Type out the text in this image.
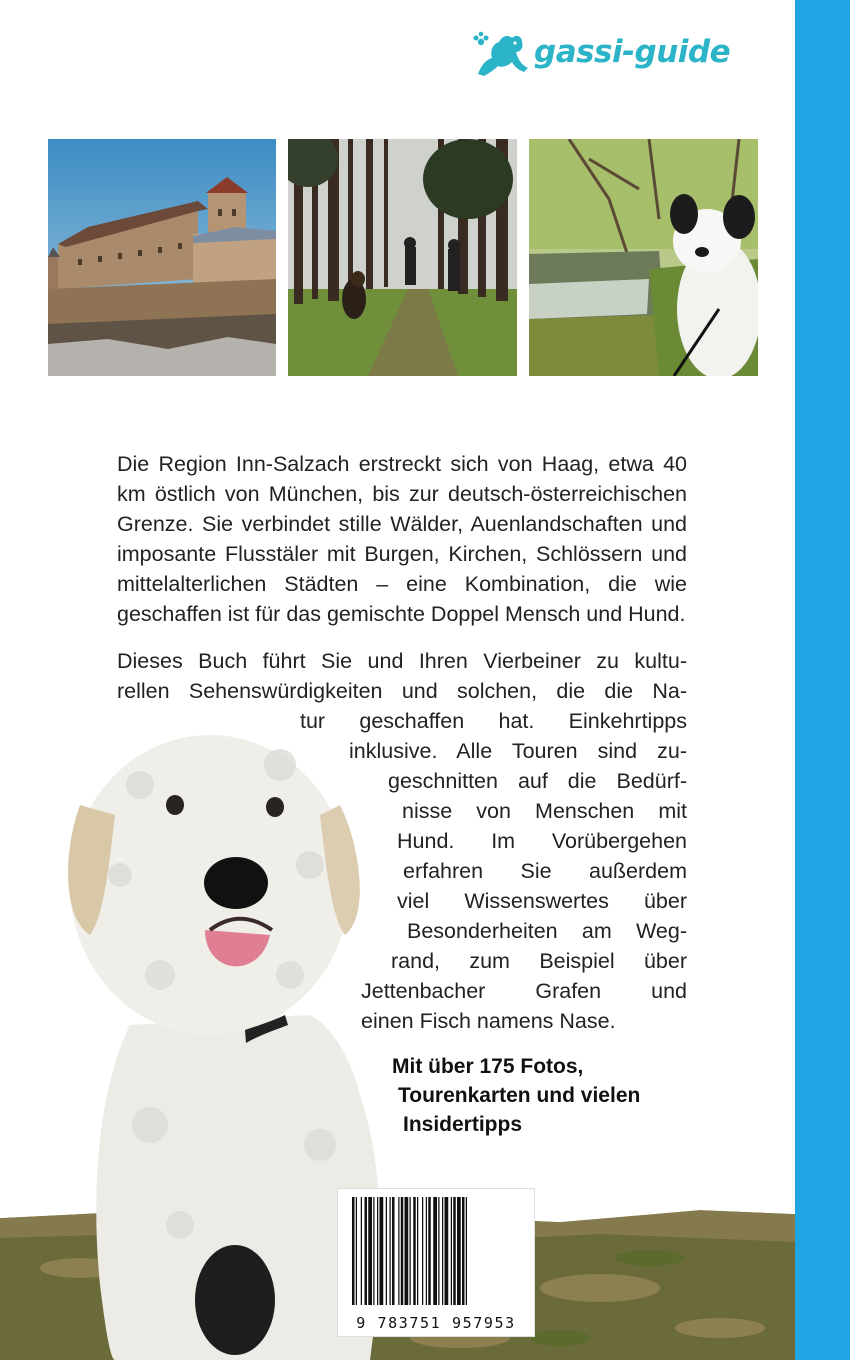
gassi-guide

Die Region Inn-Salzach erstreckt sich von Haag, etwa 40 km östlich von München, bis zur deutsch-österreichischen Grenze. Sie verbindet stille Wälder, Auenlandschaften und imposante Flusstäler mit Burgen, Kirchen, Schlössern und mittelalterlichen Städten – eine Kombination, die wie geschaffen ist für das gemischte Doppel Mensch und Hund.

Dieses Buch führt Sie und Ihren Vierbeiner zu kultu-
rellen Sehenswürdigkeiten und solchen, die die Na-
tur geschaffen hat. Einkehrtipps
inklusive. Alle Touren sind zu-
geschnitten auf die Bedürf-
nisse von Menschen mit
Hund. Im Vorübergehen
erfahren Sie außerdem
viel Wissenswertes über
Besonderheiten am Weg-
rand, zum Beispiel über
Jettenbacher Grafen und
einen Fisch namens Nase.
Mit über 175 Fotos,
Tourenkarten und vielen
Insidertipps
9 783751 957953
